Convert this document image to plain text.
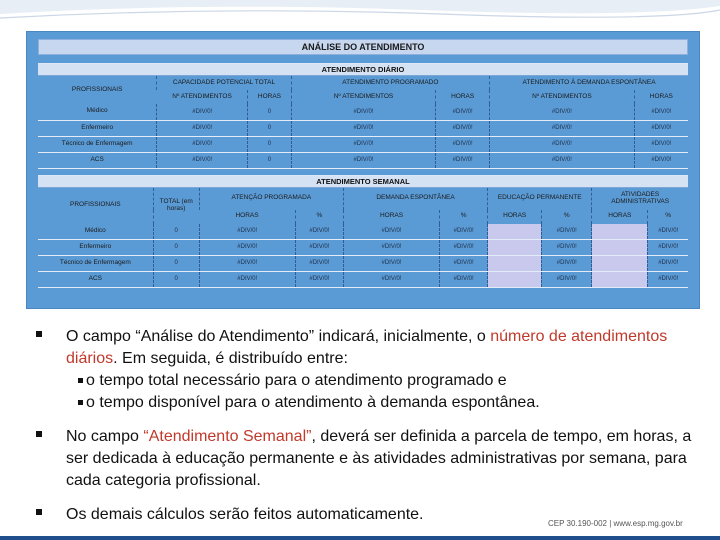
ANÁLISE DO ATENDIMENTO
ATENDIMENTO DIÁRIO
PROFISSIONAIS	CAPACIDADE POTENCIAL TOTAL		ATENDIMENTO PROGRAMADO		ATENDIMENTO À DEMANDA ESPONTÂNEA	
	Nº ATENDIMENTOS	HORAS	Nº ATENDIMENTOS	HORAS	Nº ATENDIMENTOS	HORAS
Médico	#DIV/0!	0	#DIV/0!	#DIV/0!	#DIV/0!	#DIV/0!
Enfermeiro	#DIV/0!	0	#DIV/0!	#DIV/0!	#DIV/0!	#DIV/0!
Técnico de Enfermagem	#DIV/0!	0	#DIV/0!	#DIV/0!	#DIV/0!	#DIV/0!
ACS	#DIV/0!	0	#DIV/0!	#DIV/0!	#DIV/0!	#DIV/0!
ATENDIMENTO SEMANAL
PROFISSIONAIS	TOTAL (em horas)	ATENÇÃO PROGRAMADA		DEMANDA ESPONTÂNEA		EDUCAÇÃO PERMANENTE		ATIVIDADES ADMINISTRATIVAS	
		HORAS	%	HORAS	%	HORAS	%	HORAS	%
Médico	0	#DIV/0!	#DIV/0!	#DIV/0!	#DIV/0!		#DIV/0!		#DIV/0!
Enfermeiro	0	#DIV/0!	#DIV/0!	#DIV/0!	#DIV/0!		#DIV/0!		#DIV/0!
Técnico de Enfermagem	0	#DIV/0!	#DIV/0!	#DIV/0!	#DIV/0!		#DIV/0!		#DIV/0!
ACS	0	#DIV/0!	#DIV/0!	#DIV/0!	#DIV/0!		#DIV/0!		#DIV/0!
O campo “Análise do Atendimento” indicará, inicialmente, o número de atendimentos diários. Em seguida, é distribuído entre:
o tempo total necessário para o atendimento programado e
o tempo disponível para o atendimento à demanda espontânea.
No campo “Atendimento Semanal”, deverá ser definida a parcela de tempo, em horas, a ser dedicada à educação permanente e às atividades administrativas por semana, para cada categoria profissional.
Os demais cálculos serão feitos automaticamente.
CEP 30.190-002 | www.esp.mg.gov.br
